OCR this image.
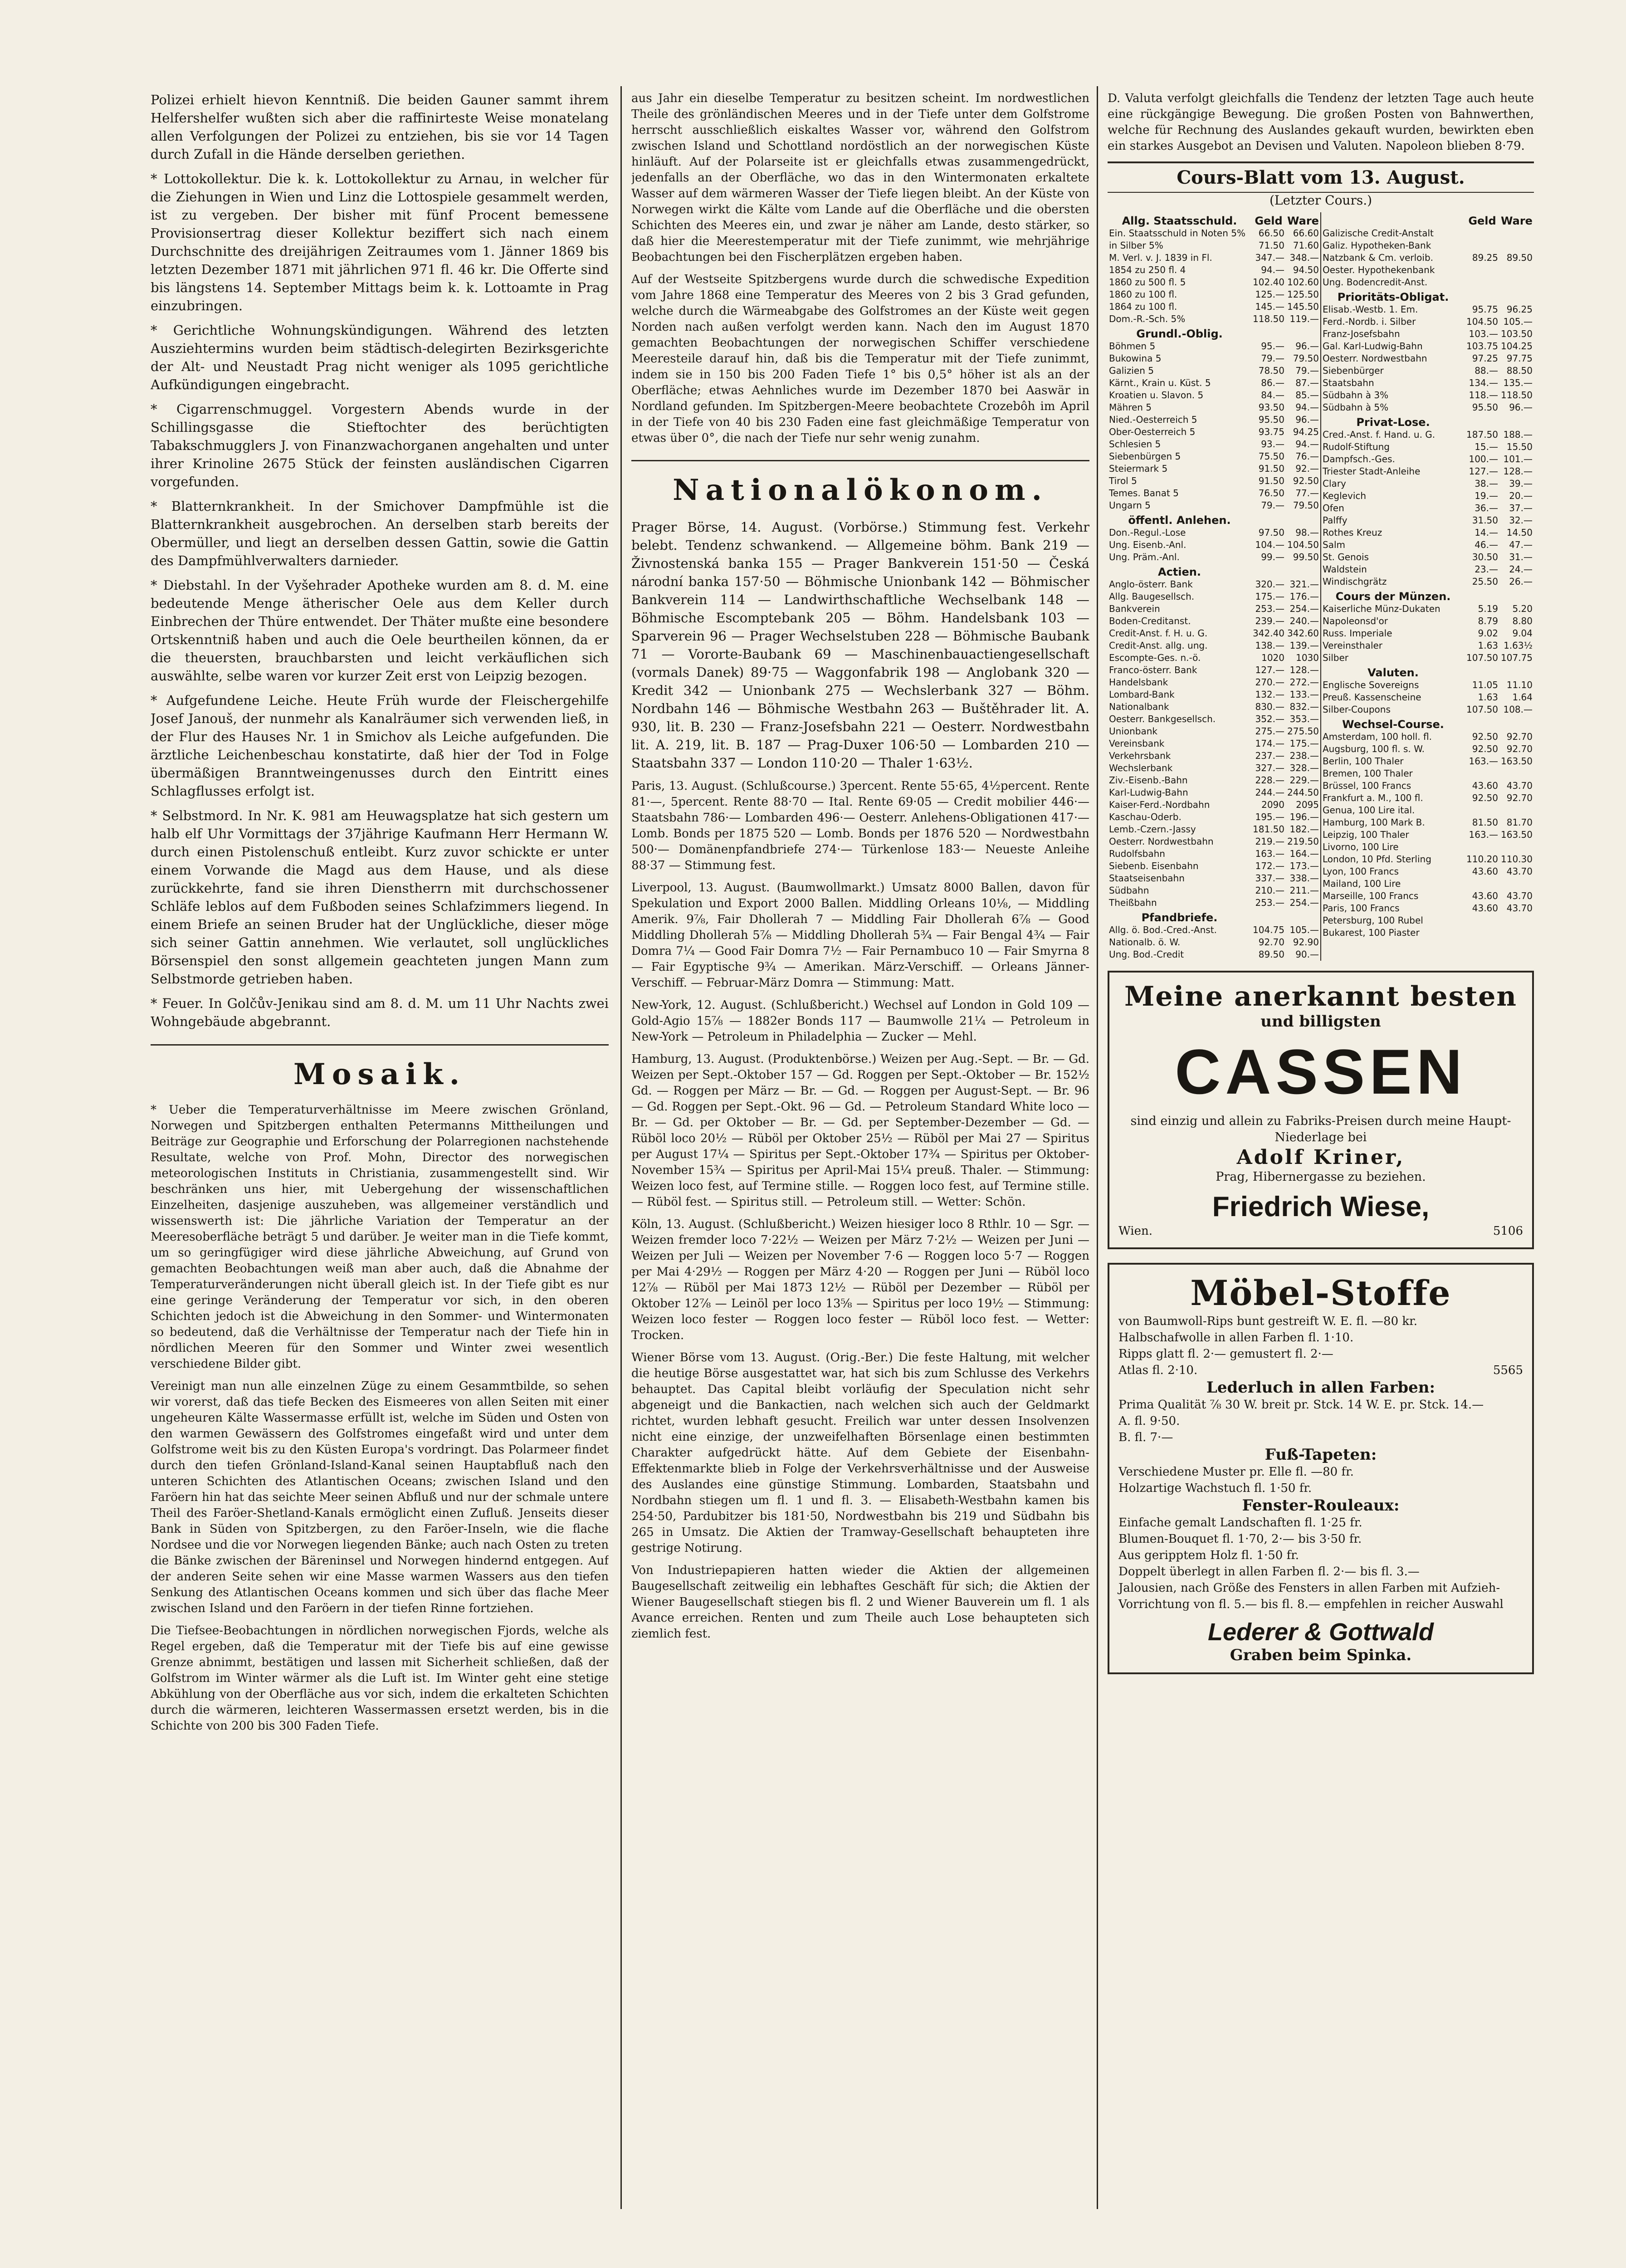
Polizei erhielt hievon Kenntniß. Die beiden Gauner sammt ihrem Helfershelfer wußten sich aber die raffinirteste Weise monatelang allen Verfolgungen der Polizei zu entziehen, bis sie vor 14 Tagen durch Zufall in die Hände derselben geriethen.

* Lottokollektur. Die k. k. Lottokollektur zu Arnau, in welcher für die Ziehungen in Wien und Linz die Lottospiele gesammelt werden, ist zu vergeben. Der bisher mit fünf Procent bemessene Provisionsertrag dieser Kollektur beziffert sich nach einem Durchschnitte des dreijährigen Zeitraumes vom 1. Jänner 1869 bis letzten Dezember 1871 mit jährlichen 971 fl. 46 kr. Die Offerte sind bis längstens 14. September Mittags beim k. k. Lottoamte in Prag einzubringen.

* Gerichtliche Wohnungskündigungen. Während des letzten Ausziehtermins wurden beim städtisch-delegirten Bezirksgerichte der Alt- und Neustadt Prag nicht weniger als 1095 gerichtliche Aufkündigungen eingebracht.

* Cigarrenschmuggel. Vorgestern Abends wurde in der Schillingsgasse die Stieftochter des berüchtigten Tabakschmugglers J. von Finanzwachorganen angehalten und unter ihrer Krinoline 2675 Stück der feinsten ausländischen Cigarren vorgefunden.

* Blatternkrankheit. In der Smichover Dampfmühle ist die Blatternkrankheit ausgebrochen. An derselben starb bereits der Obermüller, und liegt an derselben dessen Gattin, sowie die Gattin des Dampfmühlverwalters darnieder.

* Diebstahl. In der Vyšehrader Apotheke wurden am 8. d. M. eine bedeutende Menge ätherischer Oele aus dem Keller durch Einbrechen der Thüre entwendet. Der Thäter mußte eine besondere Ortskenntniß haben und auch die Oele beurtheilen können, da er die theuersten, brauchbarsten und leicht verkäuflichen sich auswählte, selbe waren vor kurzer Zeit erst von Leipzig bezogen.

* Aufgefundene Leiche. Heute Früh wurde der Fleischergehilfe Josef Janouš, der nunmehr als Kanalräumer sich verwenden ließ, in der Flur des Hauses Nr. 1 in Smichov als Leiche aufgefunden. Die ärztliche Leichenbeschau konstatirte, daß hier der Tod in Folge übermäßigen Branntweingenusses durch den Eintritt eines Schlagflusses erfolgt ist.

* Selbstmord. In Nr. K. 981 am Heuwagsplatze hat sich gestern um halb elf Uhr Vormittags der 37jährige Kaufmann Herr Hermann W. durch einen Pistolenschuß entleibt. Kurz zuvor schickte er unter einem Vorwande die Magd aus dem Hause, und als diese zurückkehrte, fand sie ihren Dienstherrn mit durchschossener Schläfe leblos auf dem Fußboden seines Schlafzimmers liegend. In einem Briefe an seinen Bruder hat der Unglückliche, dieser möge sich seiner Gattin annehmen. Wie verlautet, soll unglückliches Börsenspiel den sonst allgemein geachteten jungen Mann zum Selbstmorde getrieben haben.

* Feuer. In Golčův-Jenikau sind am 8. d. M. um 11 Uhr Nachts zwei Wohngebäude abgebrannt.

Mosaik.

* Ueber die Temperaturverhältnisse im Meere zwischen Grönland, Norwegen und Spitzbergen enthalten Petermanns Mittheilungen und Beiträge zur Geographie und Erforschung der Polarregionen nachstehende Resultate, welche von Prof. Mohn, Director des norwegischen meteorologischen Instituts in Christiania, zusammengestellt sind. Wir beschränken uns hier, mit Uebergehung der wissenschaftlichen Einzelheiten, dasjenige auszuheben, was allgemeiner verständlich und wissenswerth ist: Die jährliche Variation der Temperatur an der Meeresoberfläche beträgt 5 und darüber. Je weiter man in die Tiefe kommt, um so geringfügiger wird diese jährliche Abweichung, auf Grund von gemachten Beobachtungen weiß man aber auch, daß die Abnahme der Temperaturveränderungen nicht überall gleich ist. In der Tiefe gibt es nur eine geringe Veränderung der Temperatur vor sich, in den oberen Schichten jedoch ist die Abweichung in den Sommer- und Wintermonaten so bedeutend, daß die Verhältnisse der Temperatur nach der Tiefe hin in nördlichen Meeren für den Sommer und Winter zwei wesentlich verschiedene Bilder gibt.

Vereinigt man nun alle einzelnen Züge zu einem Gesammtbilde, so sehen wir vorerst, daß das tiefe Becken des Eismeeres von allen Seiten mit einer ungeheuren Kälte Wassermasse erfüllt ist, welche im Süden und Osten von den warmen Gewässern des Golfstromes eingefaßt wird und unter dem Golfstrome weit bis zu den Küsten Europa's vordringt. Das Polarmeer findet durch den tiefen Grönland-Island-Kanal seinen Hauptabfluß nach den unteren Schichten des Atlantischen Oceans; zwischen Island und den Faröern hin hat das seichte Meer seinen Abfluß und nur der schmale untere Theil des Faröer-Shetland-Kanals ermöglicht einen Zufluß. Jenseits dieser Bank in Süden von Spitzbergen, zu den Faröer-Inseln, wie die flache Nordsee und die vor Norwegen liegenden Bänke; auch nach Osten zu treten die Bänke zwischen der Bäreninsel und Norwegen hindernd entgegen. Auf der anderen Seite sehen wir eine Masse warmen Wassers aus den tiefen Senkung des Atlantischen Oceans kommen und sich über das flache Meer zwischen Island und den Faröern in der tiefen Rinne fortziehen.

Die Tiefsee-Beobachtungen in nördlichen norwegischen Fjords, welche als Regel ergeben, daß die Temperatur mit der Tiefe bis auf eine gewisse Grenze abnimmt, bestätigen und lassen mit Sicherheit schließen, daß der Golfstrom im Winter wärmer als die Luft ist. Im Winter geht eine stetige Abkühlung von der Oberfläche aus vor sich, indem die erkalteten Schichten durch die wärmeren, leichteren Wassermassen ersetzt werden, bis in die Schichte von 200 bis 300 Faden Tiefe.

aus Jahr ein dieselbe Temperatur zu besitzen scheint. Im nordwestlichen Theile des grönländischen Meeres und in der Tiefe unter dem Golfstrome herrscht ausschließlich eiskaltes Wasser vor, während den Golfstrom zwischen Island und Schottland nordöstlich an der norwegischen Küste hinläuft. Auf der Polarseite ist er gleichfalls etwas zusammengedrückt, jedenfalls an der Oberfläche, wo das in den Wintermonaten erkaltete Wasser auf dem wärmeren Wasser der Tiefe liegen bleibt. An der Küste von Norwegen wirkt die Kälte vom Lande auf die Oberfläche und die obersten Schichten des Meeres ein, und zwar je näher am Lande, desto stärker, so daß hier die Meerestemperatur mit der Tiefe zunimmt, wie mehrjährige Beobachtungen bei den Fischerplätzen ergeben haben.

Auf der Westseite Spitzbergens wurde durch die schwedische Expedition vom Jahre 1868 eine Temperatur des Meeres von 2 bis 3 Grad gefunden, welche durch die Wärmeabgabe des Golfstromes an der Küste weit gegen Norden nach außen verfolgt werden kann. Nach den im August 1870 gemachten Beobachtungen der norwegischen Schiffer verschiedene Meeresteile darauf hin, daß bis die Temperatur mit der Tiefe zunimmt, indem sie in 150 bis 200 Faden Tiefe 1° bis 0,5° höher ist als an der Oberfläche; etwas Aehnliches wurde im Dezember 1870 bei Aaswär in Nordland gefunden. Im Spitzbergen-Meere beobachtete Crozebôh im April in der Tiefe von 40 bis 230 Faden eine fast gleichmäßige Temperatur von etwas über 0°, die nach der Tiefe nur sehr wenig zunahm.

Nationalökonom.

Prager Börse, 14. August. (Vorbörse.) Stimmung fest. Verkehr belebt. Tendenz schwankend. — Allgemeine böhm. Bank 219 — Živnostenská banka 155 — Prager Bankverein 151·50 — Česká národní banka 157·50 — Böhmische Unionbank 142 — Böhmischer Bankverein 114 — Landwirthschaftliche Wechselbank 148 — Böhmische Escomptebank 205 — Böhm. Handelsbank 103 — Sparverein 96 — Prager Wechselstuben 228 — Böhmische Baubank 71 — Vororte-Baubank 69 — Maschinenbauactiengesellschaft (vormals Danek) 89·75 — Waggonfabrik 198 — Anglobank 320 — Kredit 342 — Unionbank 275 — Wechslerbank 327 — Böhm. Nordbahn 146 — Böhmische Westbahn 263 — Buštěhrader lit. A. 930, lit. B. 230 — Franz-Josefsbahn 221 — Oesterr. Nordwestbahn lit. A. 219, lit. B. 187 — Prag-Duxer 106·50 — Lombarden 210 — Staatsbahn 337 — London 110·20 — Thaler 1·63½.

Paris, 13. August. (Schlußcourse.) 3percent. Rente 55·65, 4½percent. Rente 81·—, 5percent. Rente 88·70 — Ital. Rente 69·05 — Credit mobilier 446·— Staatsbahn 786·— Lombarden 496·— Oesterr. Anlehens-Obligationen 417·— Lomb. Bonds per 1875 520 — Lomb. Bonds per 1876 520 — Nordwestbahn 500·— Domänenpfandbriefe 274·— Türkenlose 183·— Neueste Anleihe 88·37 — Stimmung fest.

Liverpool, 13. August. (Baumwollmarkt.) Umsatz 8000 Ballen, davon für Spekulation und Export 2000 Ballen. Middling Orleans 10⅛, — Middling Amerik. 9⅞, Fair Dhollerah 7 — Middling Fair Dhollerah 6⅞ — Good Middling Dhollerah 5⅞ — Middling Dhollerah 5¾ — Fair Bengal 4¾ — Fair Domra 7¼ — Good Fair Domra 7½ — Fair Pernambuco 10 — Fair Smyrna 8 — Fair Egyptische 9¾ — Amerikan. März-Verschiff. — Orleans Jänner-Verschiff. — Februar-März Domra — Stimmung: Matt.

New-York, 12. August. (Schlußbericht.) Wechsel auf London in Gold 109 — Gold-Agio 15⅞ — 1882er Bonds 117 — Baumwolle 21¼ — Petroleum in New-York — Petroleum in Philadelphia — Zucker — Mehl.

Hamburg, 13. August. (Produktenbörse.) Weizen per Aug.-Sept. — Br. — Gd. Weizen per Sept.-Oktober 157 — Gd. Roggen per Sept.-Oktober — Br. 152½ Gd. — Roggen per März — Br. — Gd. — Roggen per August-Sept. — Br. 96 — Gd. Roggen per Sept.-Okt. 96 — Gd. — Petroleum Standard White loco — Br. — Gd. per Oktober — Br. — Gd. per September-Dezember — Gd. — Rüböl loco 20½ — Rüböl per Oktober 25½ — Rüböl per Mai 27 — Spiritus per August 17¼ — Spiritus per Sept.-Oktober 17¾ — Spiritus per Oktober-November 15¾ — Spiritus per April-Mai 15¼ preuß. Thaler. — Stimmung: Weizen loco fest, auf Termine stille. — Roggen loco fest, auf Termine stille. — Rüböl fest. — Spiritus still. — Petroleum still. — Wetter: Schön.

Köln, 13. August. (Schlußbericht.) Weizen hiesiger loco 8 Rthlr. 10 — Sgr. — Weizen fremder loco 7·22½ — Weizen per März 7·2½ — Weizen per Juni — Weizen per Juli — Weizen per November 7·6 — Roggen loco 5·7 — Roggen per Mai 4·29½ — Roggen per März 4·20 — Roggen per Juni — Rüböl loco 12⅞ — Rüböl per Mai 1873 12½ — Rüböl per Dezember — Rüböl per Oktober 12⅞ — Leinöl per loco 13⅝ — Spiritus per loco 19½ — Stimmung: Weizen loco fester — Roggen loco fester — Rüböl loco fest. — Wetter: Trocken.

Wiener Börse vom 13. August. (Orig.-Ber.) Die feste Haltung, mit welcher die heutige Börse ausgestattet war, hat sich bis zum Schlusse des Verkehrs behauptet. Das Capital bleibt vorläufig der Speculation nicht sehr abgeneigt und die Bankactien, nach welchen sich auch der Geldmarkt richtet, wurden lebhaft gesucht. Freilich war unter dessen Insolvenzen nicht eine einzige, der unzweifelhaften Börsenlage einen bestimmten Charakter aufgedrückt hätte. Auf dem Gebiete der Eisenbahn-Effektenmarkte blieb in Folge der Verkehrsverhältnisse und der Ausweise des Auslandes eine günstige Stimmung. Lombarden, Staatsbahn und Nordbahn stiegen um fl. 1 und fl. 3. — Elisabeth-Westbahn kamen bis 254·50, Pardubitzer bis 181·50, Nordwestbahn bis 219 und Südbahn bis 265 in Umsatz. Die Aktien der Tramway-Gesellschaft behaupteten ihre gestrige Notirung.

Von Industriepapieren hatten wieder die Aktien der allgemeinen Baugesellschaft zeitweilig ein lebhaftes Geschäft für sich; die Aktien der Wiener Baugesellschaft stiegen bis fl. 2 und Wiener Bauverein um fl. 1 als Avance erreichen. Renten und zum Theile auch Lose behaupteten sich ziemlich fest.

D. Valuta verfolgt gleichfalls die Tendenz der letzten Tage auch heute eine rückgängige Bewegung. Die großen Posten von Bahnwerthen, welche für Rechnung des Auslandes gekauft wurden, bewirkten eben ein starkes Ausgebot an Devisen und Valuten. Napoleon blieben 8·79.

Cours-Blatt vom 13. August.
(Letzter Cours.)
Allg. Staatsschuld.	Geld	Ware
Ein. Staatsschuld in Noten 5%	66.50	66.60
in Silber 5%	71.50	71.60
M. Verl. v. J. 1839 in Fl.	347.—	348.—
1854 zu 250 fl. 4	94.—	94.50
1860 zu 500 fl. 5	102.40	102.60
1860 zu 100 fl.	125.—	125.50
1864 zu 100 fl.	145.—	145.50
Dom.-R.-Sch. 5%	118.50	119.—
Grundl.-Oblig.		
Böhmen 5	95.—	96.—
Bukowina 5	79.—	79.50
Galizien 5	78.50	79.—
Kärnt., Krain u. Küst. 5	86.—	87.—
Kroatien u. Slavon. 5	84.—	85.—
Mähren 5	93.50	94.—
Nied.-Oesterreich 5	95.50	96.—
Ober-Oesterreich 5	93.75	94.25
Schlesien 5	93.—	94.—
Siebenbürgen 5	75.50	76.—
Steiermark 5	91.50	92.—
Tirol 5	91.50	92.50
Temes. Banat 5	76.50	77.—
Ungarn 5	79.—	79.50
öffentl. Anlehen.		
Don.-Regul.-Lose	97.50	98.—
Ung. Eisenb.-Anl.	104.—	104.50
Ung. Präm.-Anl.	99.—	99.50
Actien.		
Anglo-österr. Bank	320.—	321.—
Allg. Baugesellsch.	175.—	176.—
Bankverein	253.—	254.—
Boden-Creditanst.	239.—	240.—
Credit-Anst. f. H. u. G.	342.40	342.60
Credit-Anst. allg. ung.	138.—	139.—
Escompte-Ges. n.-ö.	1020	1030
Franco-österr. Bank	127.—	128.—
Handelsbank	270.—	272.—
Lombard-Bank	132.—	133.—
Nationalbank	830.—	832.—
Oesterr. Bankgesellsch.	352.—	353.—
Unionbank	275.—	275.50
Vereinsbank	174.—	175.—
Verkehrsbank	237.—	238.—
Wechslerbank	327.—	328.—
Ziv.-Eisenb.-Bahn	228.—	229.—
Karl-Ludwig-Bahn	244.—	244.50
Kaiser-Ferd.-Nordbahn	2090	2095
Kaschau-Oderb.	195.—	196.—
Lemb.-Czern.-Jassy	181.50	182.—
Oesterr. Nordwestbahn	219.—	219.50
Rudolfsbahn	163.—	164.—
Siebenb. Eisenbahn	172.—	173.—
Staatseisenbahn	337.—	338.—
Südbahn	210.—	211.—
Theißbahn	253.—	254.—
Pfandbriefe.		
Allg. ö. Bod.-Cred.-Anst.	104.75	105.—
Nationalb. ö. W.	92.70	92.90
Ung. Bod.-Credit	89.50	90.—
	Geld	Ware
Galizische Credit-Anstalt		
Galiz. Hypotheken-Bank		
Natzbank & Cm. verloib.	89.25	89.50
Oester. Hypothekenbank		
Ung. Bodencredit-Anst.		
Prioritäts-Obligat.		
Elisab.-Westb. 1. Em.	95.75	96.25
Ferd.-Nordb. i. Silber	104.50	105.—
Franz-Josefsbahn	103.—	103.50
Gal. Karl-Ludwig-Bahn	103.75	104.25
Oesterr. Nordwestbahn	97.25	97.75
Siebenbürger	88.—	88.50
Staatsbahn	134.—	135.—
Südbahn à 3%	118.—	118.50
Südbahn à 5%	95.50	96.—
Privat-Lose.		
Cred.-Anst. f. Hand. u. G.	187.50	188.—
Rudolf-Stiftung	15.—	15.50
Dampfsch.-Ges.	100.—	101.—
Triester Stadt-Anleihe	127.—	128.—
Clary	38.—	39.—
Keglevich	19.—	20.—
Ofen	36.—	37.—
Palffy	31.50	32.—
Rothes Kreuz	14.—	14.50
Salm	46.—	47.—
St. Genois	30.50	31.—
Waldstein	23.—	24.—
Windischgrätz	25.50	26.—
Cours der Münzen.		
Kaiserliche Münz-Dukaten	5.19	5.20
Napoleonsd'or	8.79	8.80
Russ. Imperiale	9.02	9.04
Vereinsthaler	1.63	1.63½
Silber	107.50	107.75
Valuten.		
Englische Sovereigns	11.05	11.10
Preuß. Kassenscheine	1.63	1.64
Silber-Coupons	107.50	108.—
Wechsel-Course.		
Amsterdam, 100 holl. fl.	92.50	92.70
Augsburg, 100 fl. s. W.	92.50	92.70
Berlin, 100 Thaler	163.—	163.50
Bremen, 100 Thaler		
Brüssel, 100 Francs	43.60	43.70
Frankfurt a. M., 100 fl.	92.50	92.70
Genua, 100 Lire ital.		
Hamburg, 100 Mark B.	81.50	81.70
Leipzig, 100 Thaler	163.—	163.50
Livorno, 100 Lire		
London, 10 Pfd. Sterling	110.20	110.30
Lyon, 100 Francs	43.60	43.70
Mailand, 100 Lire		
Marseille, 100 Francs	43.60	43.70
Paris, 100 Francs	43.60	43.70
Petersburg, 100 Rubel		
Bukarest, 100 Piaster		
Meine anerkannt besten
und billigsten
CASSEN
sind einzig und allein zu Fabriks-Preisen durch meine Haupt-Niederlage bei
Adolf Kriner,
Prag, Hibernergasse zu beziehen.
Friedrich Wiese,
Wien.	5106
Möbel-Stoffe
von Baumwoll-Rips bunt gestreift W. E. fl. —80 kr.
Halbschafwolle in allen Farben fl. 1·10.
Ripps glatt fl. 2·— gemustert fl. 2·—
Atlas fl. 2·10.	5565
Lederluch in allen Farben:
Prima Qualität ⅞ 30 W. breit pr. Stck. 14 W. E. pr. Stck. 14.—
A. fl. 9·50.
B. fl. 7·—
Fuß-Tapeten:
Verschiedene Muster pr. Elle fl. —80 fr.
Holzartige Wachstuch fl. 1·50 fr.
Fenster-Rouleaux:
Einfache gemalt Landschaften fl. 1·25 fr.
Blumen-Bouquet fl. 1·70, 2·— bis 3·50 fr.
Aus geripptem Holz fl. 1·50 fr.
Doppelt überlegt in allen Farben fl. 2·— bis fl. 3.—
Jalousien, nach Größe des Fensters in allen Farben mit Aufzieh-Vorrichtung von fl. 5.— bis fl. 8.— empfehlen in reicher Auswahl
Lederer & Gottwald
Graben beim Spinka.
